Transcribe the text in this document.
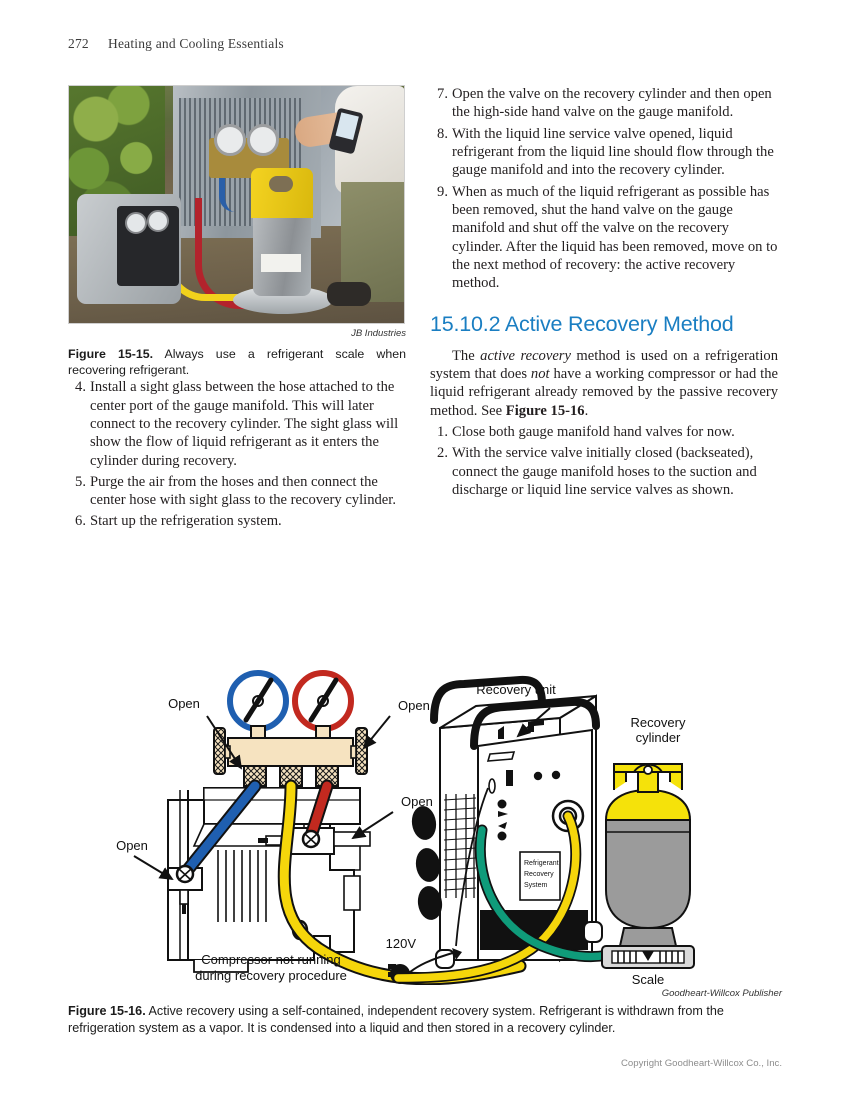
272 Heating and Cooling Essentials
JB Industries
Figure 15-15. Always use a refrigerant scale when recovering refrigerant.
4. Install a sight glass between the hose attached to the center port of the gauge manifold. This will later connect to the recovery cylinder. The sight glass will show the flow of liquid refrigerant as it enters the cylinder during recovery.
5. Purge the air from the hoses and then connect the center hose with sight glass to the recovery cylinder.
6. Start up the refrigeration system.
7. Open the valve on the recovery cylinder and then open the high-side hand valve on the gauge manifold.
8. With the liquid line service valve opened, liquid refrigerant from the liquid line should flow through the gauge manifold and into the recovery cylinder.
9. When as much of the liquid refrigerant as possible has been removed, shut the hand valve on the gauge manifold and shut off the valve on the recovery cylinder. After the liquid has been removed, move on to the next method of recovery: the active recovery method.
15.10.2 Active Recovery Method

The active recovery method is used on a refrigeration system that does not have a working compressor or had the liquid refrigerant already removed by the passive recovery method. See Figure 15-16.

1. Close both gauge manifold hand valves for now.
2. With the service valve initially closed (backseated), connect the gauge manifold hoses to the suction and discharge or liquid line service valves as shown.
Refrigerant
Recovery
System
Open	Open
Open
Open
Recovery unit
Recovery
cylinder
Scale
120V
Compressor not running
during recovery procedure
Goodheart-Willcox Publisher
Figure 15-16. Active recovery using a self-contained, independent recovery system. Refrigerant is withdrawn from the refrigeration system as a vapor. It is condensed into a liquid and then stored in a recovery cylinder.
Copyright Goodheart-Willcox Co., Inc.
